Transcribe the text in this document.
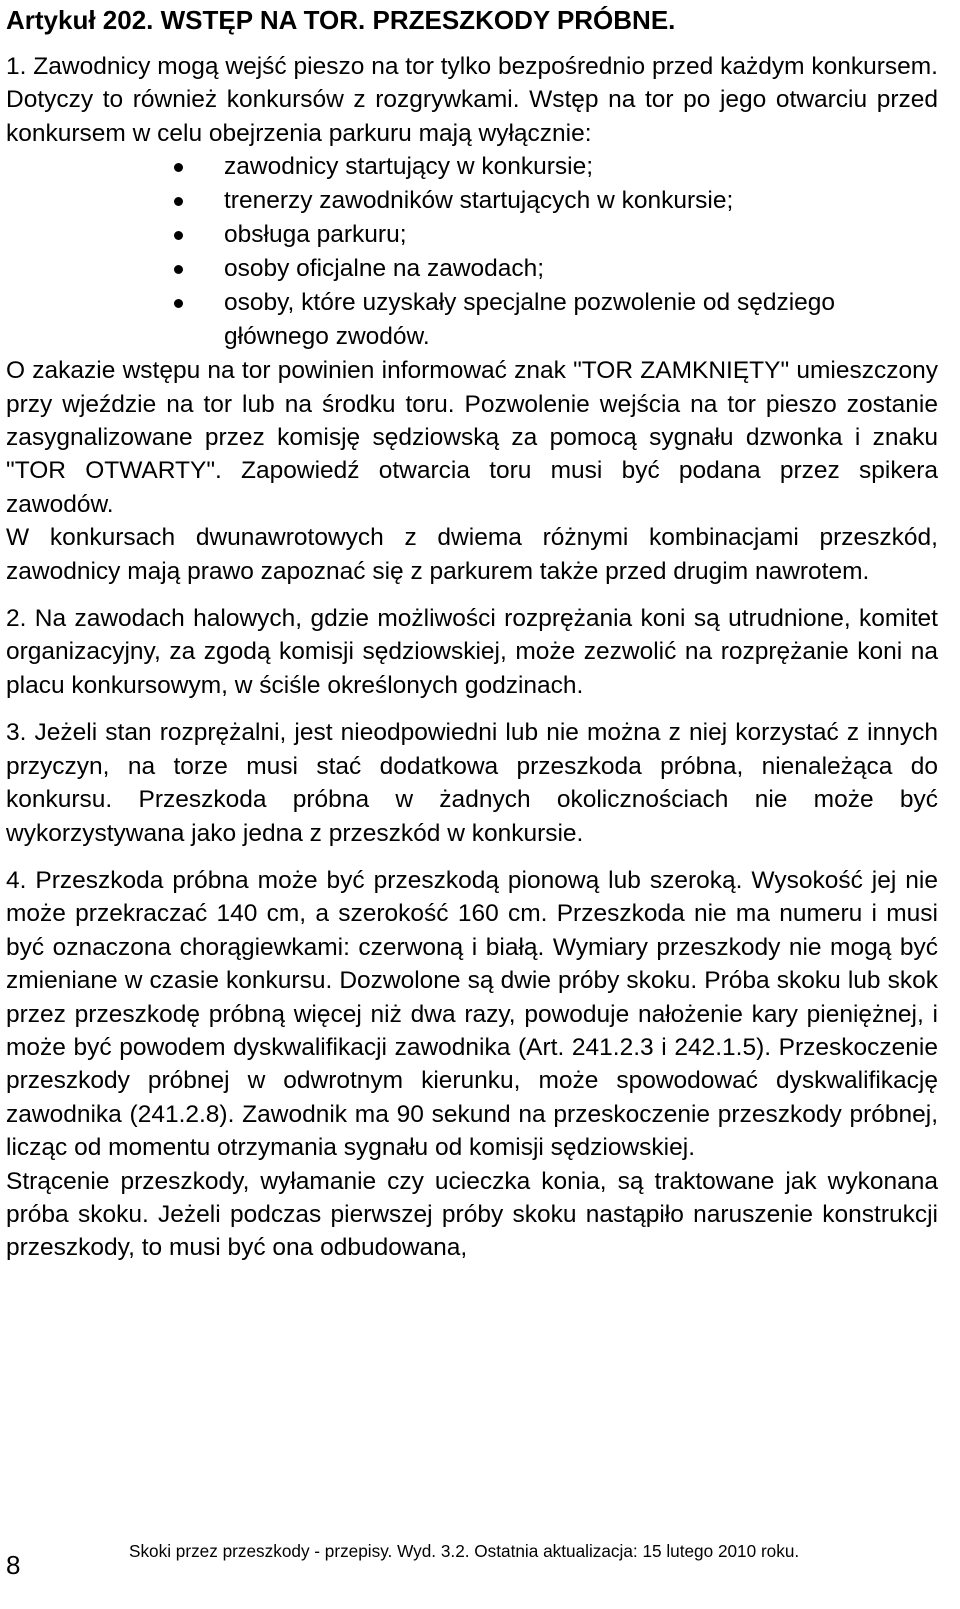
Artykuł 202. WSTĘP NA TOR. PRZESZKODY PRÓBNE.

1. Zawodnicy mogą wejść pieszo na tor tylko bezpośrednio przed każdym konkursem. Dotyczy to również konkursów z rozgrywkami. Wstęp na tor po jego otwarciu przed konkursem w celu obejrzenia parkuru mają wyłącznie:

zawodnicy startujący w konkursie;
trenerzy zawodników startujących w konkursie;
obsługa parkuru;
osoby oficjalne na zawodach;
osoby, które uzyskały specjalne pozwolenie od sędziego głównego zwodów.

O zakazie wstępu na tor powinien informować znak "TOR ZAMKNIĘTY" umieszczony przy wjeździe na tor lub na środku toru. Pozwolenie wejścia na tor pieszo zostanie zasygnalizowane przez komisję sędziowską za pomocą sygnału dzwonka i znaku "TOR OTWARTY". Zapowiedź otwarcia toru musi być podana przez spikera zawodów.

W konkursach dwunawrotowych z dwiema różnymi kombinacjami przeszkód, zawodnicy mają prawo zapoznać się z parkurem także przed drugim nawrotem.

2. Na zawodach halowych, gdzie możliwości rozprężania koni są utrudnione, komitet organizacyjny, za zgodą komisji sędziowskiej, może zezwolić na rozprężanie koni na placu konkursowym, w ściśle określonych godzinach.

3. Jeżeli stan rozprężalni, jest nieodpowiedni lub nie można z niej korzystać z innych przyczyn, na torze musi stać dodatkowa przeszkoda próbna, nienależąca do konkursu. Przeszkoda próbna w żadnych okolicznościach nie może być wykorzystywana jako jedna z przeszkód w konkursie.

4. Przeszkoda próbna może być przeszkodą pionową lub szeroką. Wysokość jej nie może przekraczać 140 cm, a szerokość 160 cm. Przeszkoda nie ma numeru i musi być oznaczona chorągiewkami: czerwoną i białą. Wymiary przeszkody nie mogą być zmieniane w czasie konkursu. Dozwolone są dwie próby skoku. Próba skoku lub skok przez przeszkodę próbną więcej niż dwa razy, powoduje nałożenie kary pieniężnej, i może być powodem dyskwalifikacji zawodnika (Art. 241.2.3 i 242.1.5). Przeskoczenie przeszkody próbnej w odwrotnym kierunku, może spowodować dyskwalifikację zawodnika (241.2.8). Zawodnik ma 90 sekund na przeskoczenie przeszkody próbnej, licząc od momentu otrzymania sygnału od komisji sędziowskiej.

Strącenie przeszkody, wyłamanie czy ucieczka konia, są traktowane jak wykonana próba skoku. Jeżeli podczas pierwszej próby skoku nastąpiło naruszenie konstrukcji przeszkody, to musi być ona odbudowana,

8	Skoki przez przeszkody - przepisy. Wyd. 3.2. Ostatnia aktualizacja: 15 lutego 2010 roku.
